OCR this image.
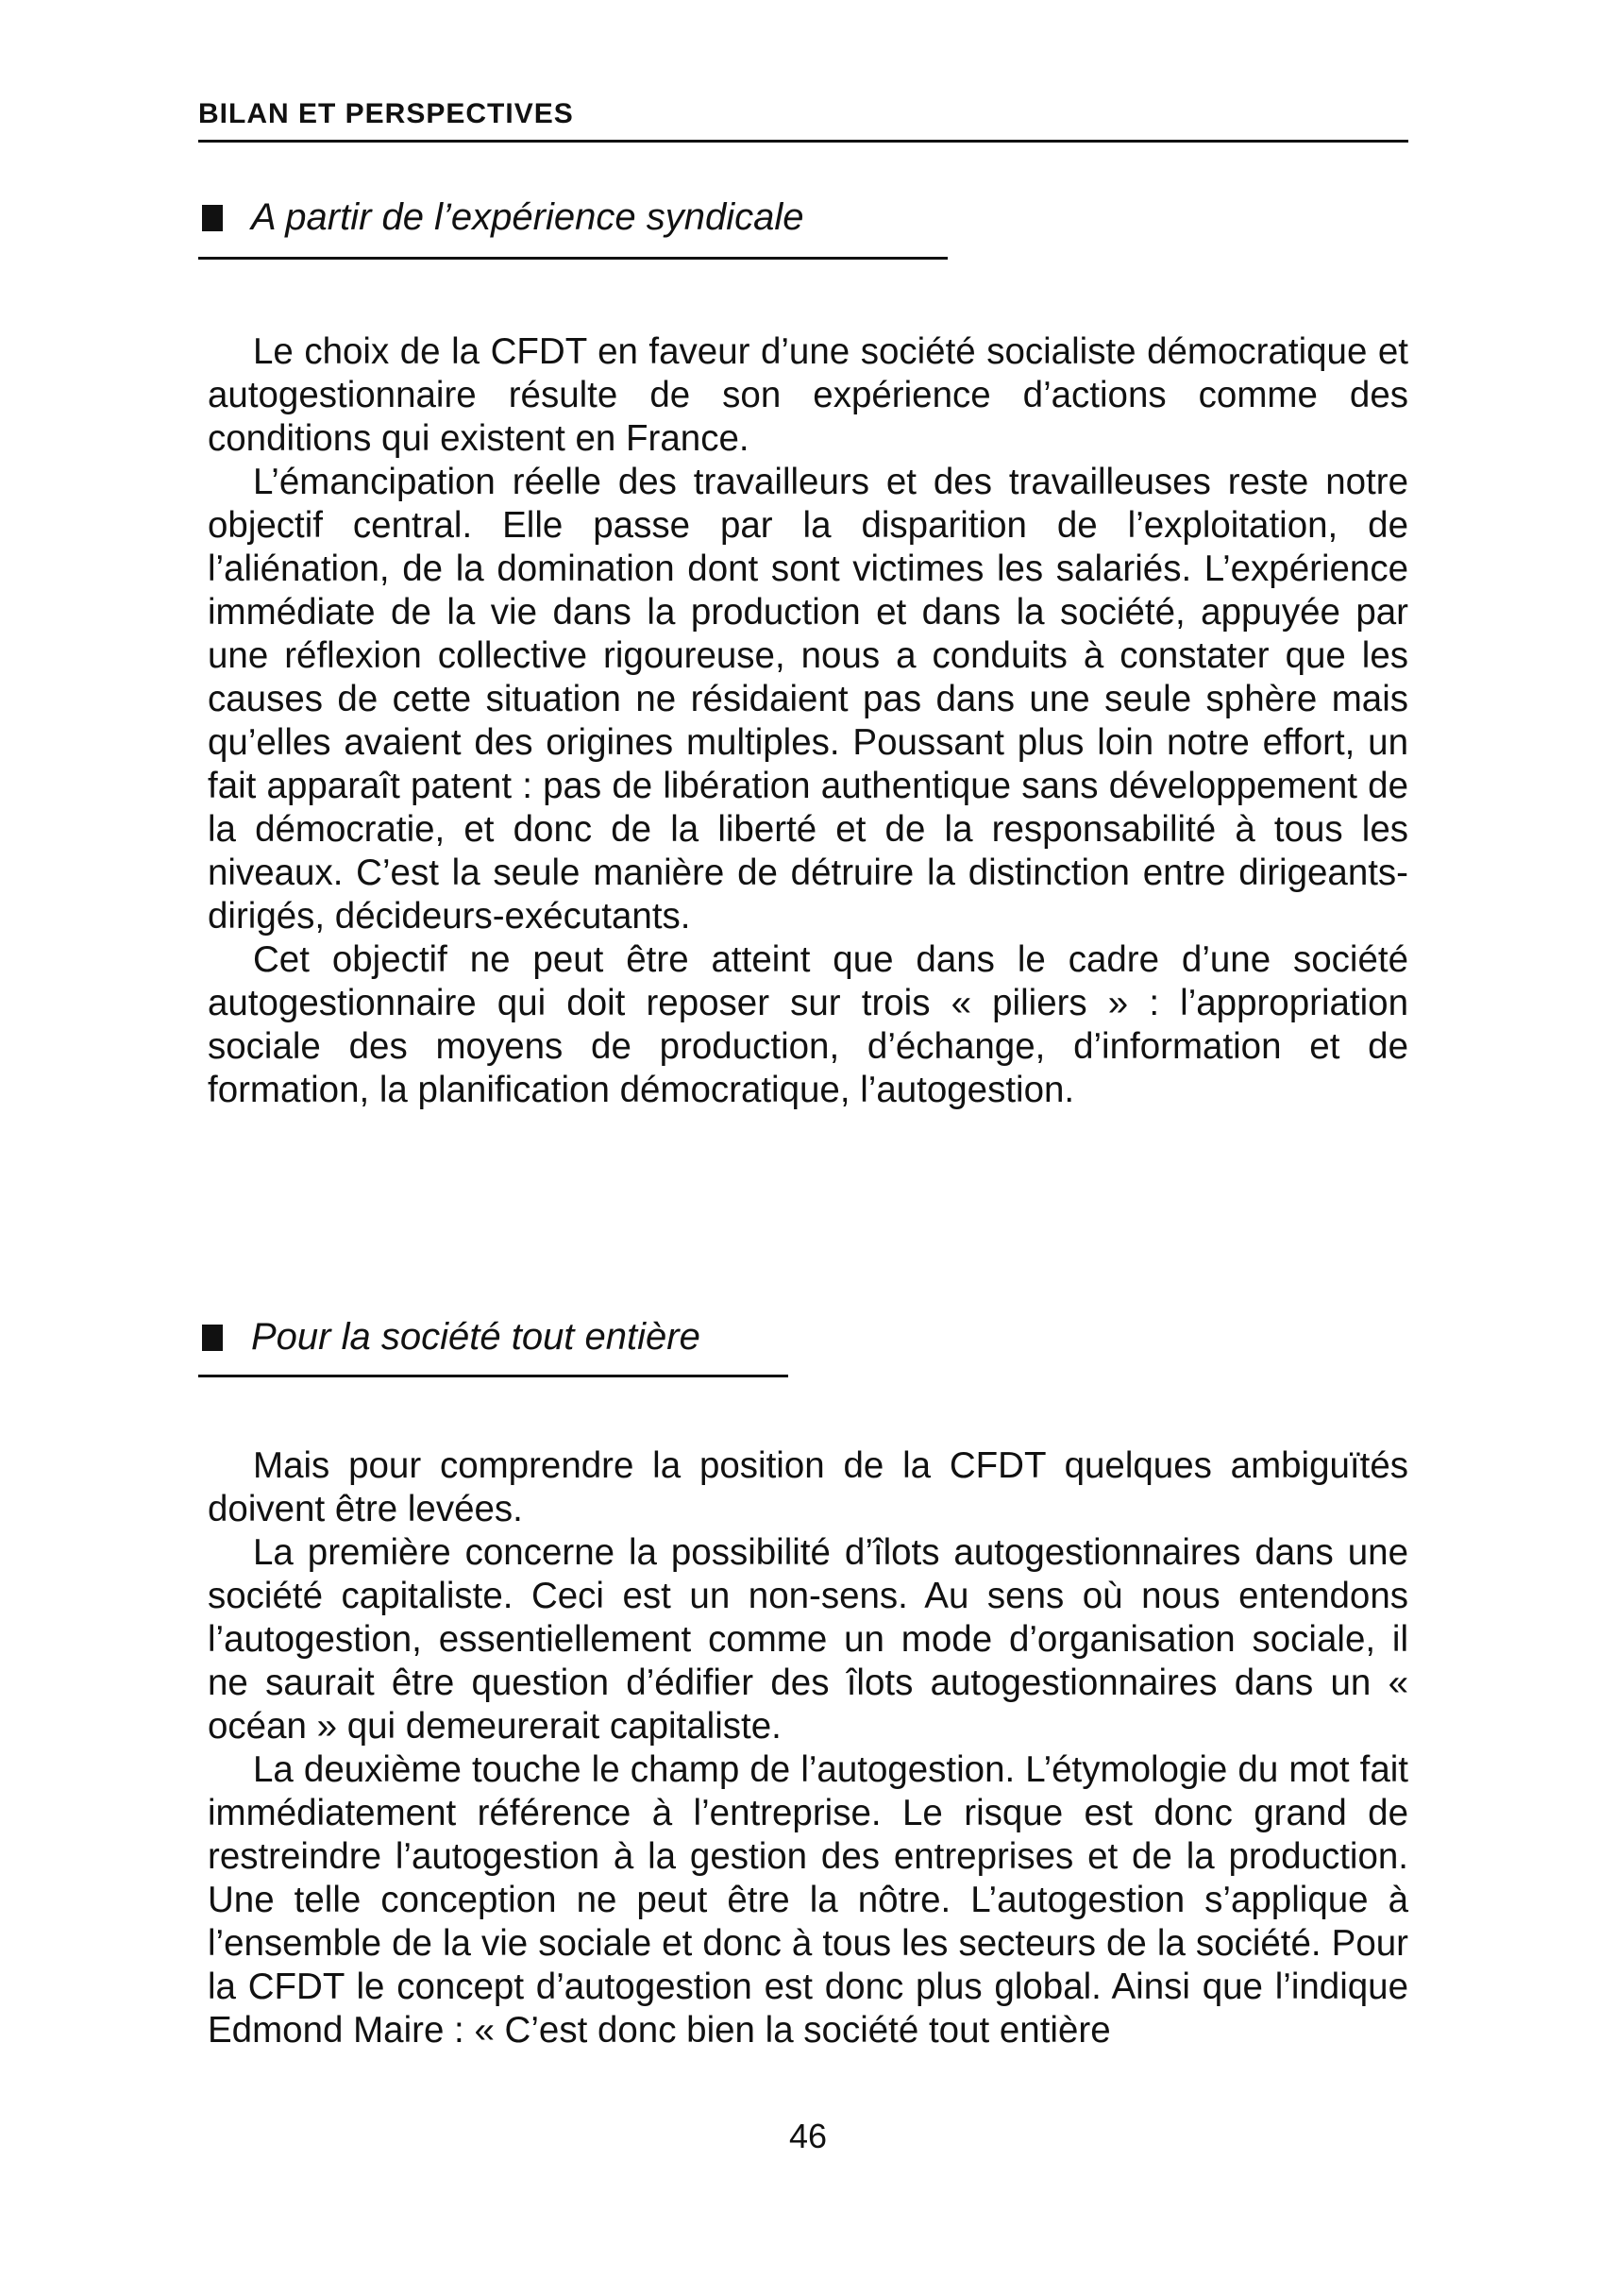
BILAN ET PERSPECTIVES
A partir de l’expérience syndicale

Le choix de la CFDT en faveur d’une société socialiste démocratique et autogestionnaire résulte de son expérience d’actions comme des conditions qui existent en France.

L’émancipation réelle des travailleurs et des travailleuses reste notre objectif central. Elle passe par la disparition de l’exploitation, de l’aliénation, de la domination dont sont victimes les salariés. L’expérience immédiate de la vie dans la production et dans la société, appuyée par une réflexion collective rigoureuse, nous a conduits à constater que les causes de cette situation ne résidaient pas dans une seule sphère mais qu’elles avaient des origines multiples. Poussant plus loin notre effort, un fait apparaît patent : pas de libération authentique sans développement de la démocratie, et donc de la liberté et de la responsabilité à tous les niveaux. C’est la seule manière de détruire la distinction entre dirigeants-dirigés, décideurs-exécutants.

Cet objectif ne peut être atteint que dans le cadre d’une société autogestionnaire qui doit reposer sur trois « piliers » : l’appropriation sociale des moyens de production, d’échange, d’information et de formation, la planification démocratique, l’autogestion.

Pour la société tout entière

Mais pour comprendre la position de la CFDT quelques ambiguïtés doivent être levées.

La première concerne la possibilité d’îlots autogestionnaires dans une société capitaliste. Ceci est un non-sens. Au sens où nous entendons l’autogestion, essentiellement comme un mode d’organisation sociale, il ne saurait être question d’édifier des îlots autogestionnaires dans un « océan » qui demeurerait capitaliste.

La deuxième touche le champ de l’autogestion. L’étymologie du mot fait immédiatement référence à l’entreprise. Le risque est donc grand de restreindre l’autogestion à la gestion des entreprises et de la production. Une telle conception ne peut être la nôtre. L’autogestion s’applique à l’ensemble de la vie sociale et donc à tous les secteurs de la société. Pour la CFDT le concept d’autogestion est donc plus global. Ainsi que l’indique Edmond Maire : « C’est donc bien la société tout entière

46
